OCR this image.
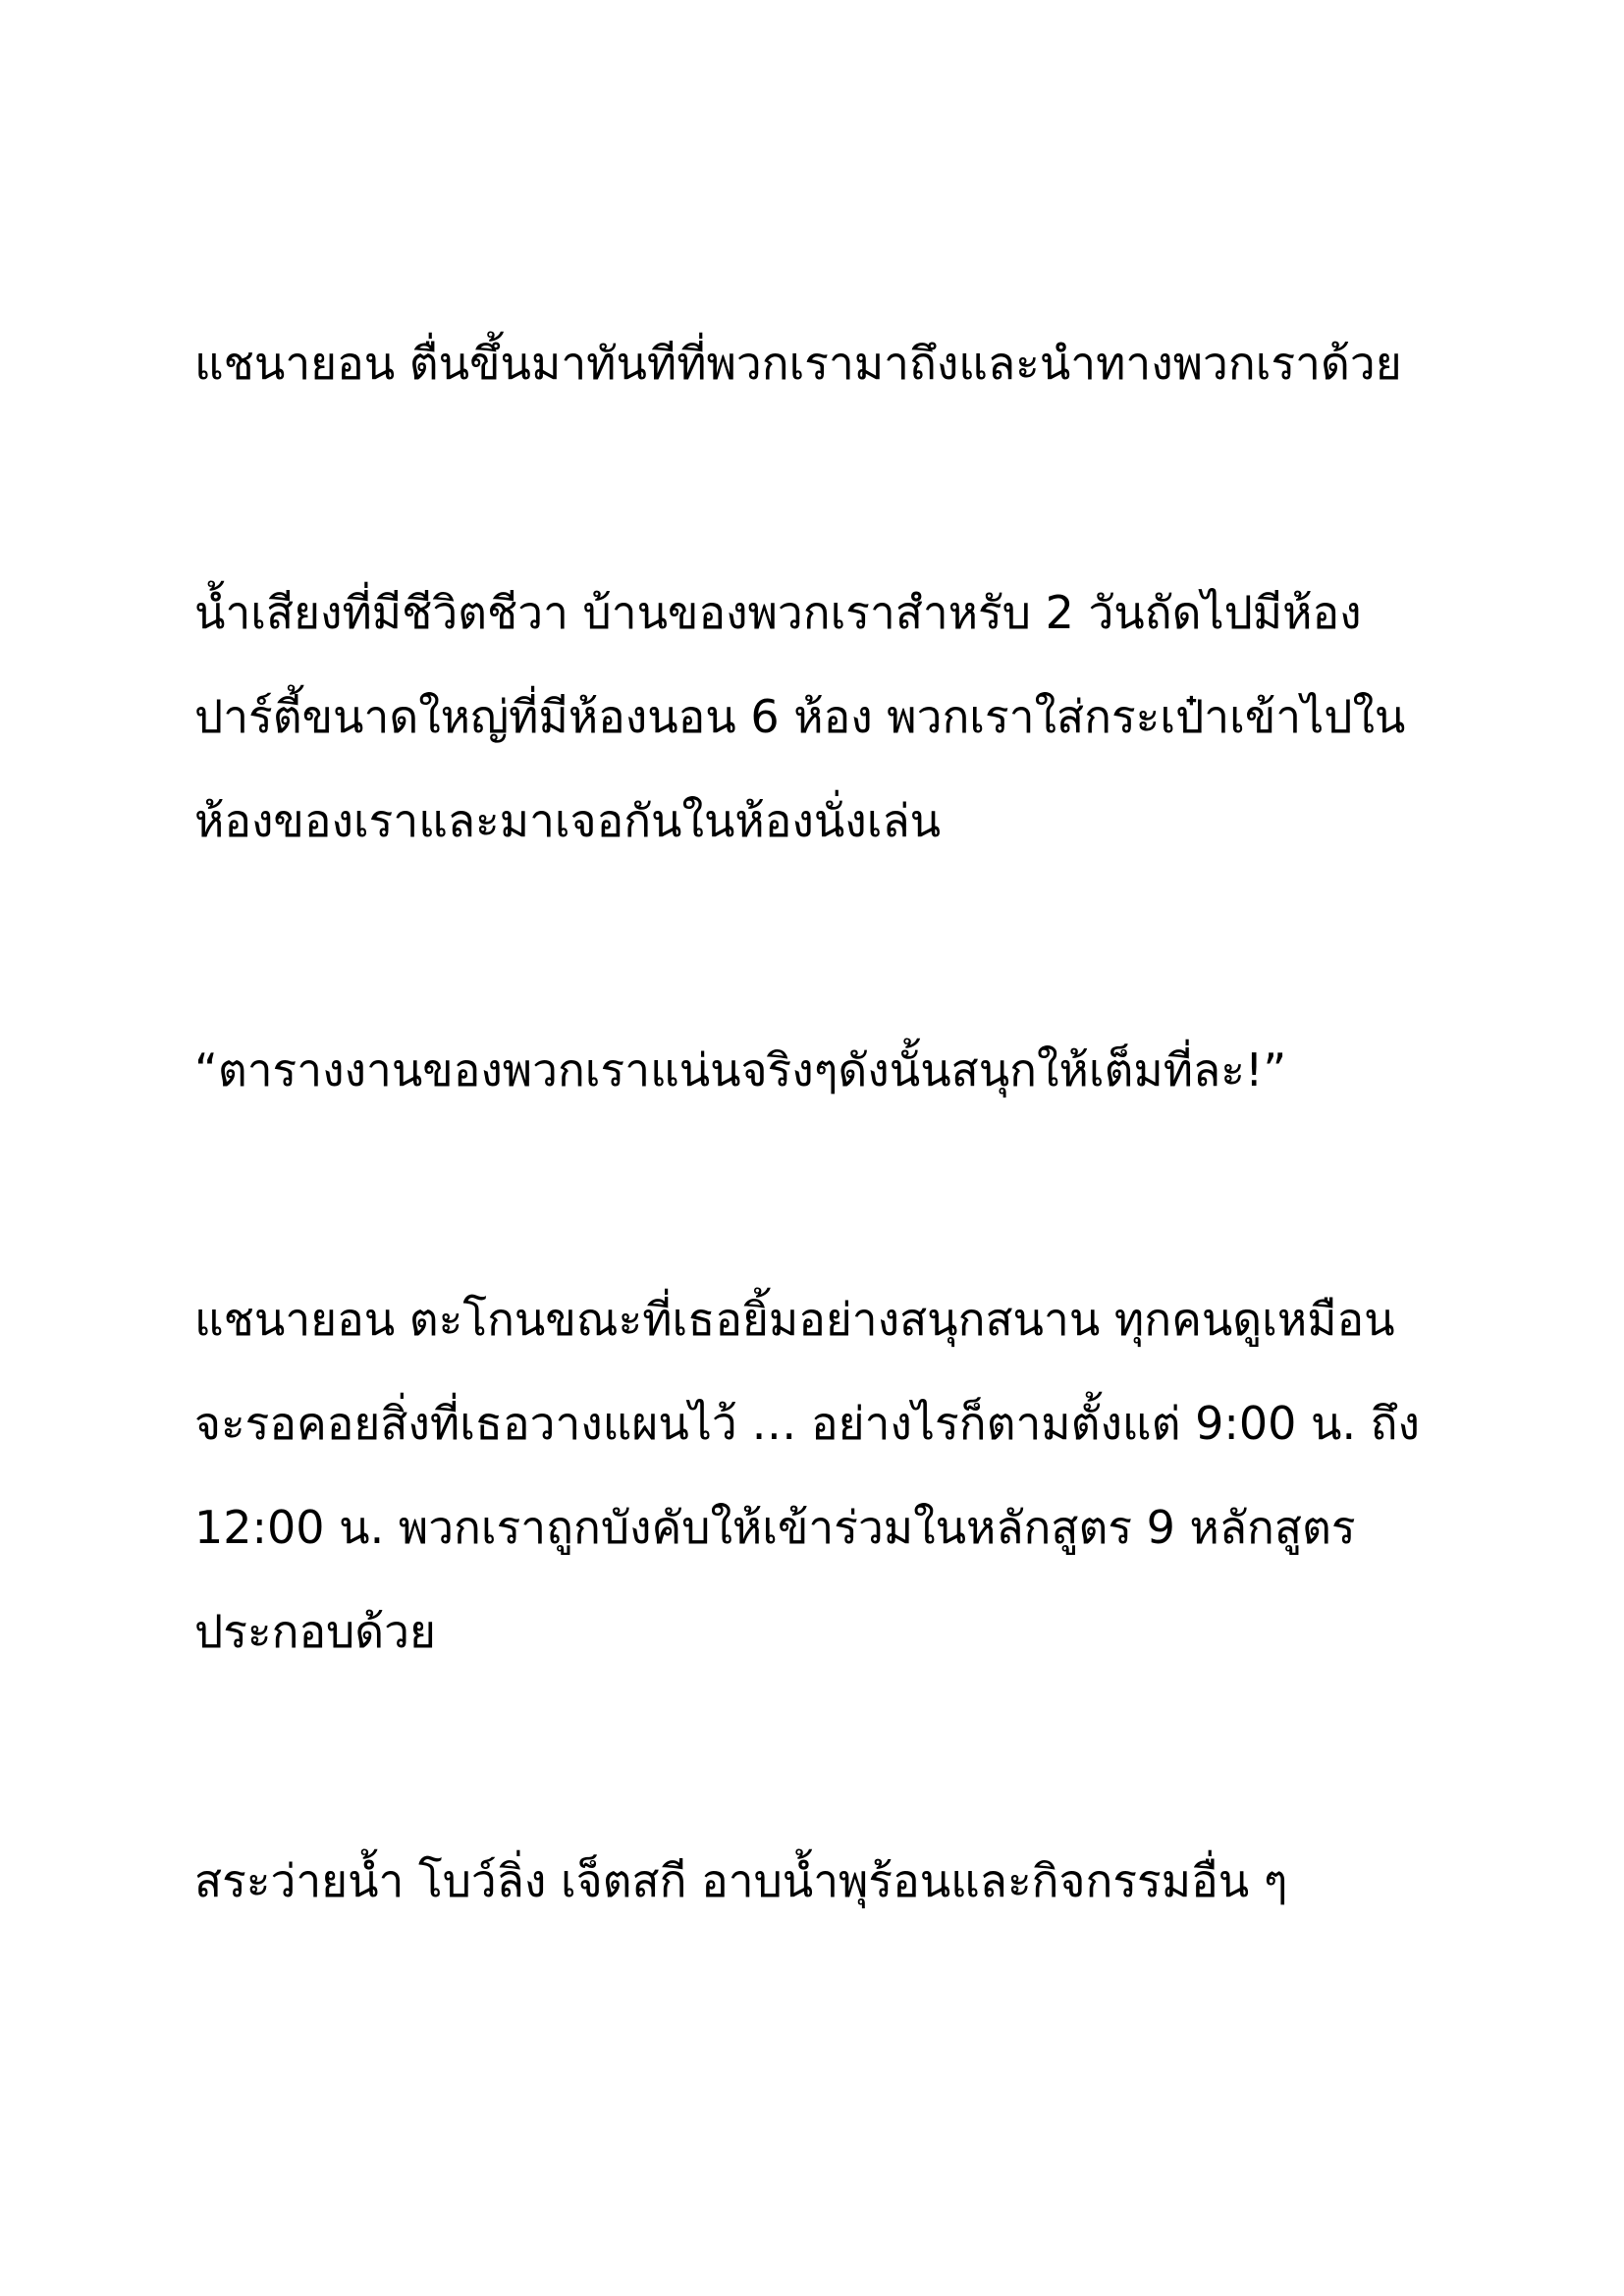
แชนายอน ตื่นขึ้นมาทันทีที่พวกเรามาถึงและนำทางพวกเราด้วย
น้ำเสียงที่มีชีวิตชีวา บ้านของพวกเราสำหรับ 2 วันถัดไปมีห้อง
ปาร์ตี้ขนาดใหญ่ที่มีห้องนอน 6 ห้อง พวกเราใส่กระเป๋าเข้าไปใน
ห้องของเราและมาเจอกันในห้องนั่งเล่น
“ตารางงานของพวกเราแน่นจริงๆดังนั้นสนุกให้เต็มที่ละ!”
แชนายอน ตะโกนขณะที่เธอยิ้มอย่างสนุกสนาน ทุกคนดูเหมือน
จะรอคอยสิ่งที่เธอวางแผนไว้ … อย่างไรก็ตามตั้งแต่ 9:00 น. ถึง
12:00 น. พวกเราถูกบังคับให้เข้าร่วมในหลักสูตร 9 หลักสูตร
ประกอบด้วย
สระว่ายน้ำ โบว์ลิ่ง เจ็ตสกี อาบน้ำพุร้อนและกิจกรรมอื่น ๆ
